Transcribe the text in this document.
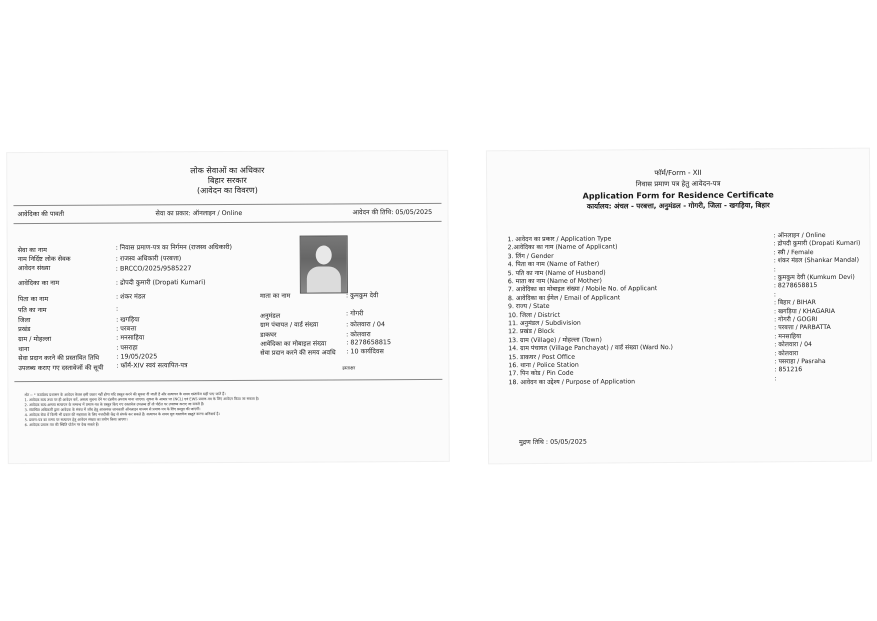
लोक सेवाओं का अधिकार
बिहार सरकार
(आवेदन का विवरण)
आवेदिका की पावती	सेवा का प्रकार: ऑनलाइन / Online	आवेदन की तिथि: 05/05/2025
सेवा का नाम	: निवास प्रमाण-पत्र का निर्गमन (राजस्व अधिकारी)
नाम निर्दिष्ट लोक सेवक	: राजस्व अधिकारी (परबत्ता)
आवेदन संख्या	: BRCCO/2025/9585227
आवेदिका का नाम	: द्रोपदी कुमारी (Dropati Kumari)
पिता का नाम	: शंकर मंडल	माता का नाम	: कुमकुम देवी
पति का नाम	:
जिला	: खगड़िया
प्रखंड	: परबत्ता
ग्राम / मोहल्ला	: मनसाहिया
थाना	: पसराहा
अनुमंडल	: गोगरी
ग्राम पंचायत / वार्ड संख्या	: कोलवारा / 04
डाकघर	: कोलवारा
आवेदिका का मोबाइल संख्या	: 8278658815
सेवा प्रदान करने की समय अवधि : 10 कार्यदिवस
सेवा प्रदान करने की प्रस्तावित तिथि	: 19/05/2025
उपलब्ध कराए गए दस्तावेजों की सूची : फॉर्म-XIV स्वयं सत्यापित-पत्र	हस्ताक्षर
नोट :- * कार्यालय प्रशासन के आवेदन केवल इसी प्रकार नहीं होगा यदि प्रस्तुत करने की सूचना दी जाती है और सत्यापन के समय दस्तावेज सही पाए जाते हैं।
1. आवेदक सत्य तथ्य पर ही आवेदन करें, असत्य सूचना देने पर दंडनीय अपराध माना जाएगा। सूचना के आधार पर (NCL) एवं EWS प्रमाण-पत्र के लिए आवेदन किया जा सकता है।
2. आवेदक सत्य-असत्य सत्यापन के सम्बन्ध में प्रमाण-पत्र के प्रस्तुत किए गए दस्तावेज उपलब्ध हों तो पोर्टल पर उपलब्ध कराए जा सकते हैं।
3. संबन्धित अधिकारी द्वारा आवेदक के संबंध में जाँच हेतु आवश्यक जानकारी ऑनलाइन माध्यम से प्रमाण-पत्र के लिए प्रस्तुत की जाएगी।
4. आवेदक सेवा में किसी भी प्रकार की सहायता के लिए नजदीकी केंद्र से संपर्क कर सकते हैं। सत्यापन के समय मूल दस्तावेज प्रस्तुत करना अनिवार्य है।
5. प्रमाण-पत्र का समय पर सत्यापन हेतु आवेदन संख्या का प्रयोग किया जाएगा।
6. आवेदक प्रमाण-पत्र की स्थिति पोर्टल पर देख सकते हैं।
फॉर्म/Form - XII
निवास प्रमाण पत्र हेतु आवेदन-पत्र
Application Form for Residence Certificate
कार्यालय: अंचल - परबत्ता, अनुमंडल - गोगरी, जिला - खगड़िया, बिहार
1. आवेदन का प्रकार / Application Type	: ऑनलाइन / Online
2.आवेदिका का नाम (Name of Applicant)	: द्रोपदी कुमारी (Dropati Kumari)
3. लिंग / Gender
: स्त्री / Female
4. पिता का नाम (Name of Father)
: शंकर मंडल (Shankar Mandal)
5. पति का नाम (Name of Husband)	:
6. माता का नाम (Name of Mother)	: कुमकुम देवी (Kumkum Devi)
7. आवेदिका का मोबाइल संख्या / Mobile No. of Applicant	: 8278658815
8. आवेदिका का ईमेल / Email of Applicant	:
9. राज्य / State
: बिहार / BIHAR
10. जिला / District
: खगड़िया / KHAGARIA
11. अनुमंडल / Subdivision
: गोगरी / GOGRI
12. प्रखंड / Block
: परबत्ता / PARBATTA
13. ग्राम (Village) / मोहल्ला (Town)	: मनसाहिया
14. ग्राम पंचायत (Village Panchayat) / वार्ड संख्या (Ward No.)	: कोलवारा / 04
15. डाकघर / Post Office	: कोलवारा
16. थाना / Police Station
: पसराहा / Pasraha
17. पिन कोड / Pin Code	: 851216
18. आवेदन का उद्देश्य / Purpose of Application	:
मुद्रण तिथि : 05/05/2025
